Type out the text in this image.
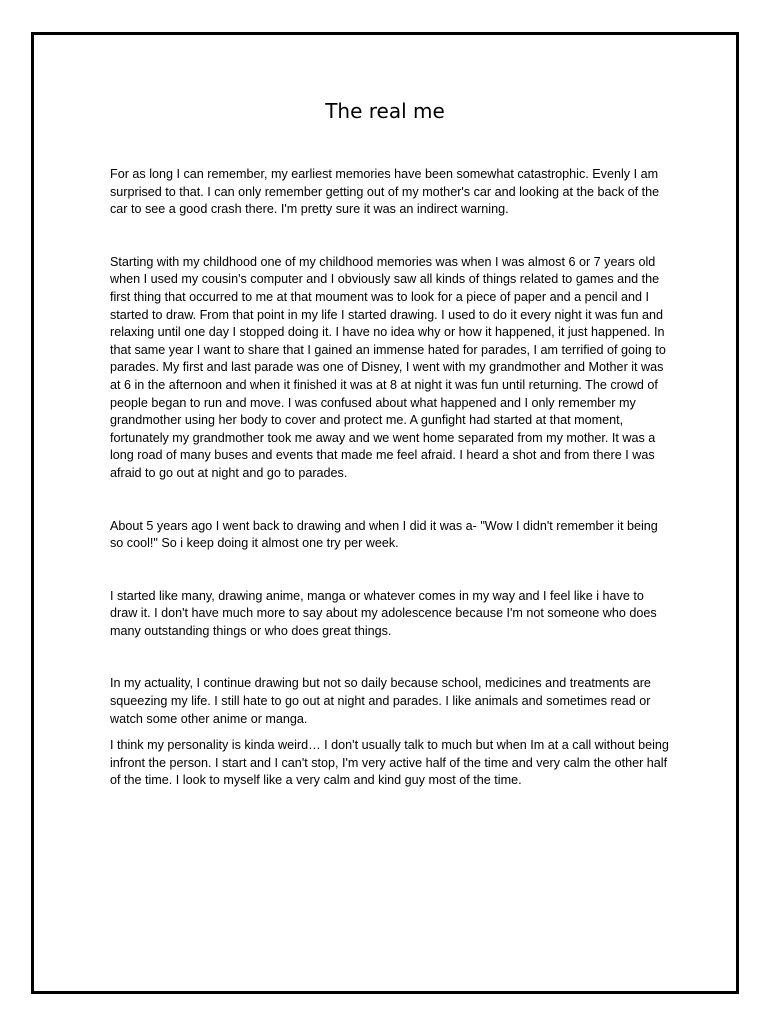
The real me

For as long I can remember, my earliest memories have been somewhat catastrophic. Evenly I am surprised to that. I can only remember getting out of my mother's car and looking at the back of the car to see a good crash there. I'm pretty sure it was an indirect warning.

Starting with my childhood one of my childhood memories was when I was almost 6 or 7 years old when I used my cousin's computer and I obviously saw all kinds of things related to games and the first thing that occurred to me at that moument was to look for a piece of paper and a pencil and I started to draw. From that point in my life I started drawing. I used to do it every night it was fun and relaxing until one day I stopped doing it. I have no idea why or how it happened, it just happened. In that same year I want to share that I gained an immense hated for parades, I am terrified of going to parades. My first and last parade was one of Disney, I went with my grandmother and Mother it was at 6 in the afternoon and when it finished it was at 8 at night it was fun until returning. The crowd of people began to run and move. I was confused about what happened and I only remember my grandmother using her body to cover and protect me. A gunfight had started at that moment, fortunately my grandmother took me away and we went home separated from my mother. It was a long road of many buses and events that made me feel afraid. I heard a shot and from there I was afraid to go out at night and go to parades.

About 5 years ago I went back to drawing and when I did it was a- "Wow I didn't remember it being so cool!" So i keep doing it almost one try per week.

I started like many, drawing anime, manga or whatever comes in my way and I feel like i have to draw it. I don't have much more to say about my adolescence because I'm not someone who does many outstanding things or who does great things.

In my actuality, I continue drawing but not so daily because school, medicines and treatments are squeezing my life. I still hate to go out at night and parades. I like animals and sometimes read or watch some other anime or manga.

I think my personality is kinda weird… I don't usually talk to much but when Im at a call without being infront the person. I start and I can't stop, I'm very active half of the time and very calm the other half of the time. I look to myself like a very calm and kind guy most of the time.
